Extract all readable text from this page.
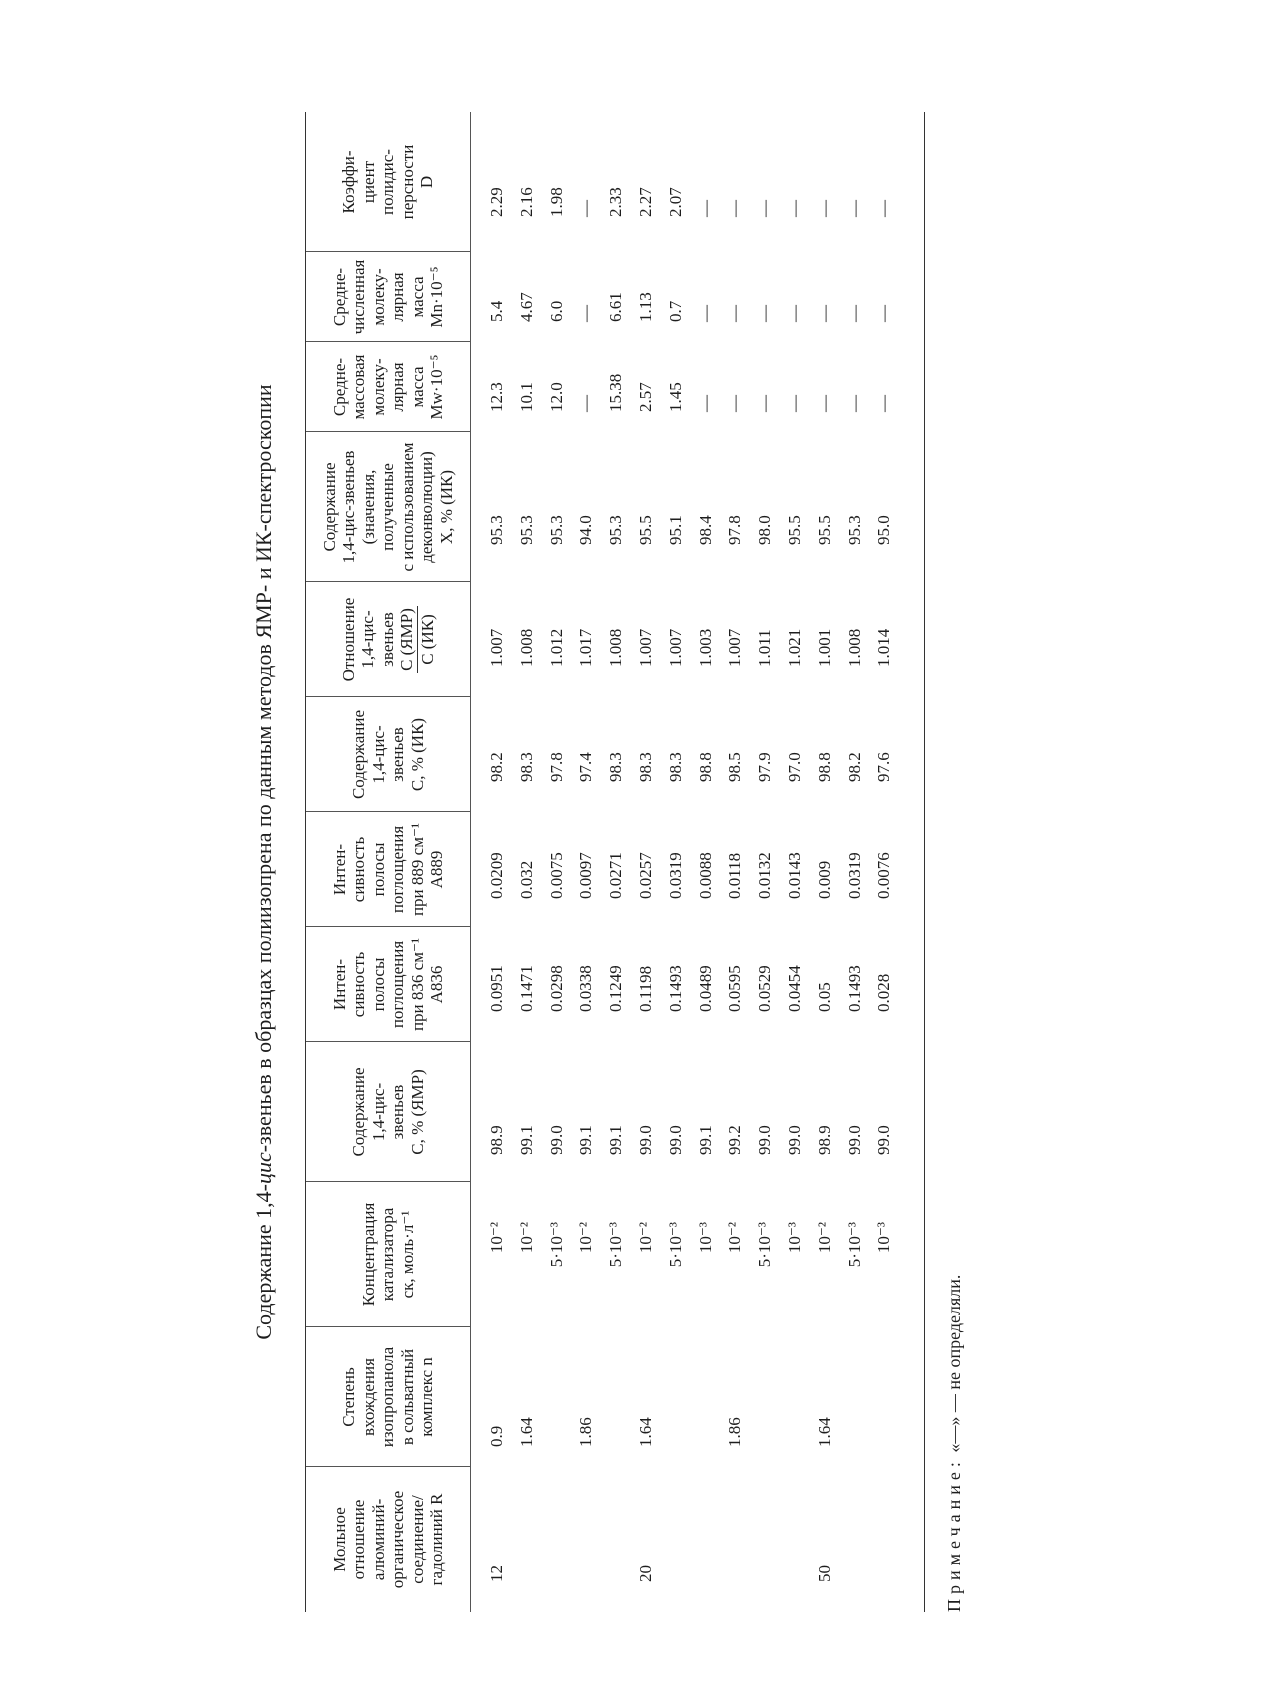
Содержание 1,4-цис-звеньев в образцах полиизопрена по данным методов ЯМР- и ИК-спектроскопии
Мольное отношение алюминий- органическое соединение/ гадолиний R
Степень вхождения изопропанола в сольватный комплекс n
Концентрация катализатора cк, моль·л⁻¹
Содержание 1,4-цис- звеньев C, % (ЯМР)
Интен- сивность полосы поглощения при 836 см⁻¹ A836
Интен- сивность полосы поглощения при 889 см⁻¹ A889
Содержание 1,4-цис- звеньев C, % (ИК)
Отношение 1,4-цис- звеньев C (ЯМР) C (ИК)
Содержание 1,4-цис-звеньев (значения, полученные с использованием деконволюции) X, % (ИК)
Средне- массовая молеку- лярная масса Mw·10⁻⁵
Средне- численная молеку- лярная масса Mn·10⁻⁵
Коэффи- циент полидис- персности D
12
0.9
10⁻²
98.9
0.0951
0.0209
98.2
1.007
95.3
12.3
5.4
2.29
1.64
10⁻²
99.1
0.1471
0.032
98.3
1.008
95.3
10.1
4.67
2.16
5·10⁻³
99.0
0.0298
0.0075
97.8
1.012
95.3
12.0
6.0
1.98
1.86
10⁻²
99.1
0.0338
0.0097
97.4
1.017
94.0
—
—
—
5·10⁻³
99.1
0.1249
0.0271
98.3
1.008
95.3
15.38
6.61
2.33
20
1.64
10⁻²
99.0
0.1198
0.0257
98.3
1.007
95.5
2.57
1.13
2.27
5·10⁻³
99.0
0.1493
0.0319
98.3
1.007
95.1
1.45
0.7
2.07
10⁻³
99.1
0.0489
0.0088
98.8
1.003
98.4
—
—
—
1.86
10⁻²
99.2
0.0595
0.0118
98.5
1.007
97.8
—
—
—
5·10⁻³
99.0
0.0529
0.0132
97.9
1.011
98.0
—
—
—
10⁻³
99.0
0.0454
0.0143
97.0
1.021
95.5
—
—
—
50
1.64
10⁻²
98.9
0.05
0.009
98.8
1.001
95.5
—
—
—
5·10⁻³
99.0
0.1493
0.0319
98.2
1.008
95.3
—
—
—
10⁻³
99.0
0.028
0.0076
97.6
1.014
95.0
—
—
—
Примечание: «—» — не определяли.
